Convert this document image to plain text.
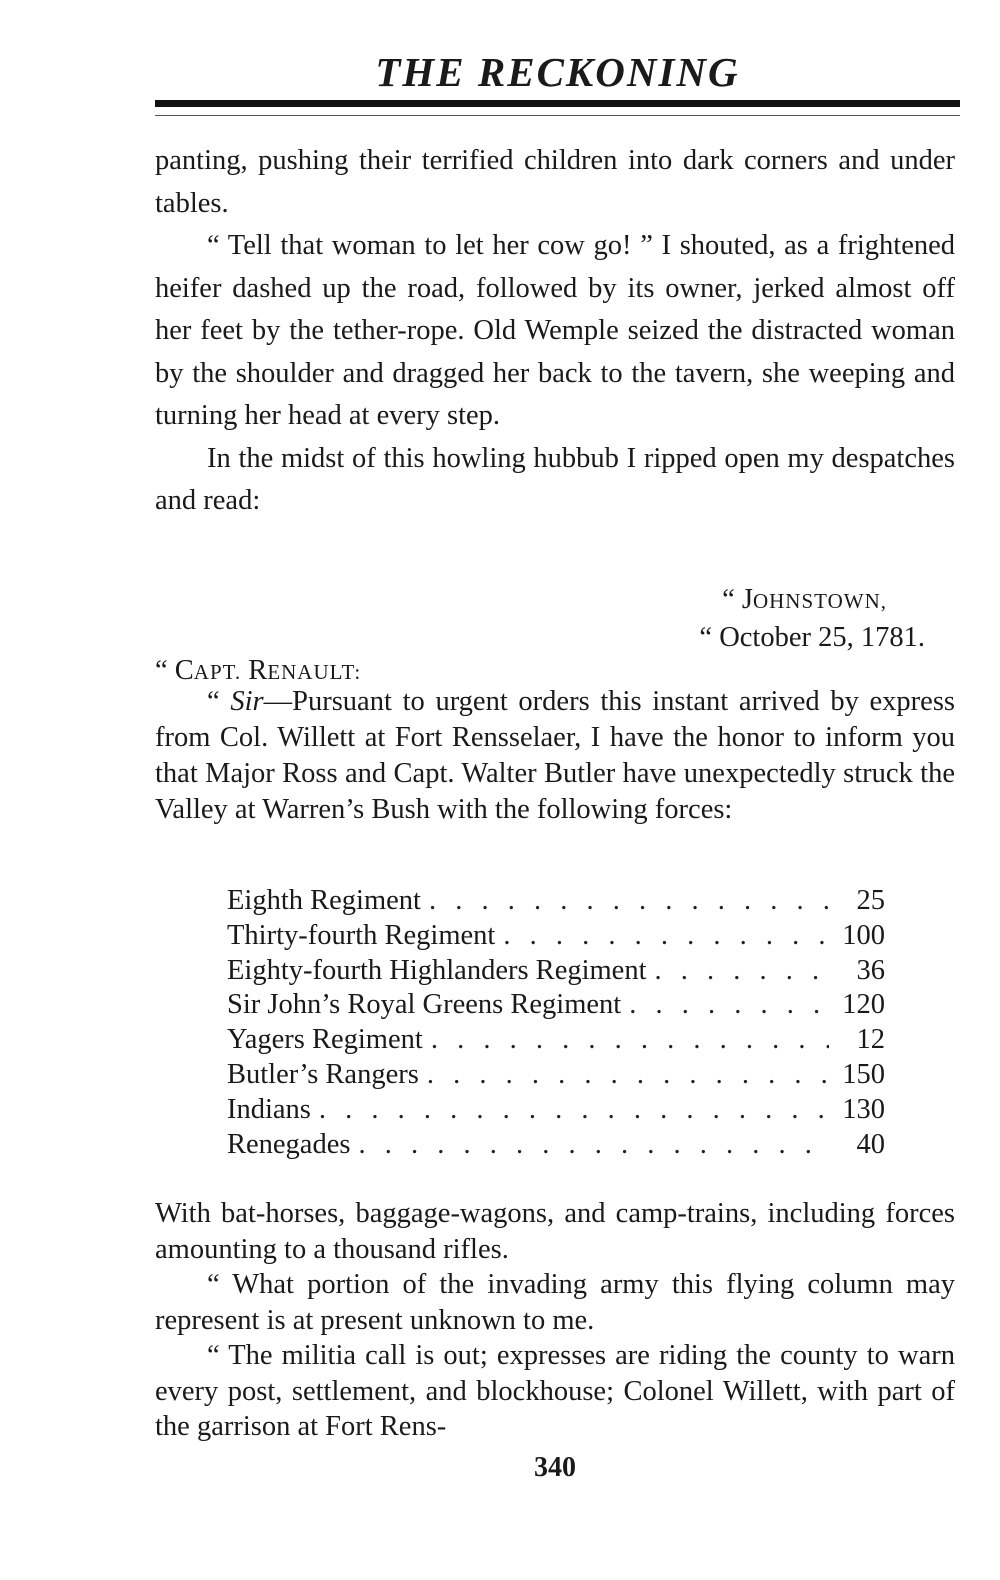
THE RECKONING

panting, pushing their terrified children into dark corners and under tables.

“ Tell that woman to let her cow go! ” I shouted, as a frightened heifer dashed up the road, followed by its owner, jerked almost off her feet by the tether-rope. Old Wemple seized the distracted woman by the shoulder and dragged her back to the tavern, she weeping and turning her head at every step.

In the midst of this howling hubbub I ripped open my despatches and read:

“ JOHNSTOWN,
“ October 25, 1781.
“ CAPT. RENAULT:

“ Sir—Pursuant to urgent orders this instant arrived by express from Col. Willett at Fort Rensselaer, I have the honor to inform you that Major Ross and Capt. Walter Butler have unexpectedly struck the Valley at Warren’s Bush with the following forces:

Eighth Regiment . . .	25
Thirty-fourth Regiment . . .	100
Eighty-fourth Highlanders Regiment . . .	36
Sir John’s Royal Greens Regiment . . .	120
Yagers Regiment . . .	12
Butler’s Rangers . . .	150
Indians . . .	130
Renegades . . .	40

With bat-horses, baggage-wagons, and camp-trains, including forces amounting to a thousand rifles.

“ What portion of the invading army this flying column may represent is at present unknown to me.

“ The militia call is out; expresses are riding the county to warn every post, settlement, and blockhouse; Colonel Willett, with part of the garrison at Fort Rens-

340
